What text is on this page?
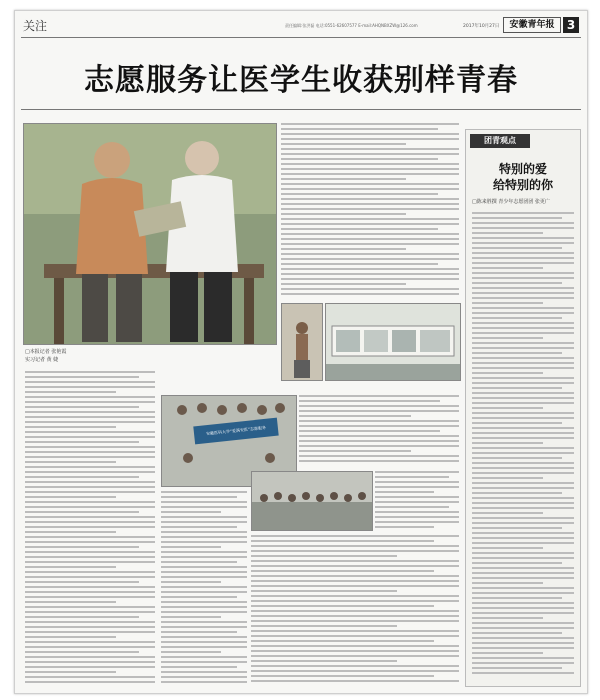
关注	责任编辑:张洪磊 电话:0551-62607577 E-mail:AHQNBXZW@126.com	2017年10月27日	安徽青年报	3
志愿服务让医学生收获别样青春
□本报记者 张艳霞
实习记者 黄 婕
安徽医科大学“爱满安医”志愿服务
团青观点
特别的爱
给特别的你
□陈来胜撰 青少年志愿团团 张更广
